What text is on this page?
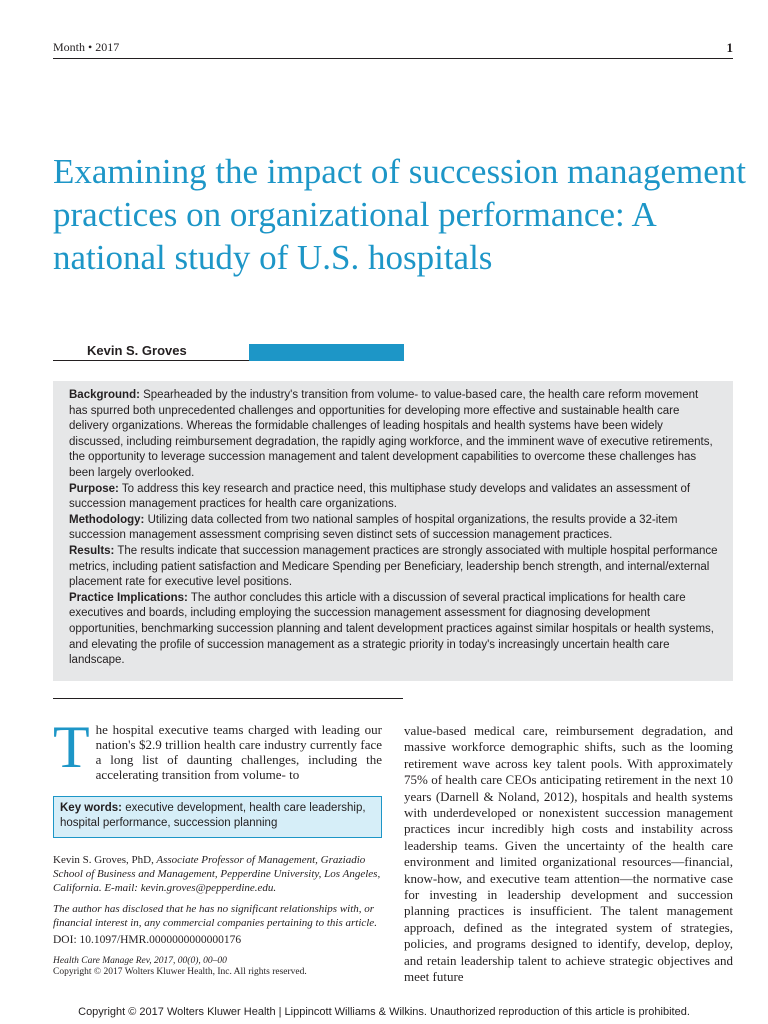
Month • 2017	1
Examining the impact of succession management practices on organizational performance: A national study of U.S. hospitals
Kevin S. Groves

Background: Spearheaded by the industry's transition from volume- to value-based care, the health care reform movement has spurred both unprecedented challenges and opportunities for developing more effective and sustainable health care delivery organizations. Whereas the formidable challenges of leading hospitals and health systems have been widely discussed, including reimbursement degradation, the rapidly aging workforce, and the imminent wave of executive retirements, the opportunity to leverage succession management and talent development capabilities to overcome these challenges has been largely overlooked.

Purpose: To address this key research and practice need, this multiphase study develops and validates an assessment of succession management practices for health care organizations.

Methodology: Utilizing data collected from two national samples of hospital organizations, the results provide a 32-item succession management assessment comprising seven distinct sets of succession management practices.

Results: The results indicate that succession management practices are strongly associated with multiple hospital performance metrics, including patient satisfaction and Medicare Spending per Beneficiary, leadership bench strength, and internal/external placement rate for executive level positions.

Practice Implications: The author concludes this article with a discussion of several practical implications for health care executives and boards, including employing the succession management assessment for diagnosing development opportunities, benchmarking succession planning and talent development practices against similar hospitals or health systems, and elevating the profile of succession management as a strategic priority in today's increasingly uncertain health care landscape.

The hospital executive teams charged with leading our nation's $2.9 trillion health care industry currently face a long list of daunting challenges, including the accelerating transition from volume- to

Key words: executive development, health care leadership, hospital performance, succession planning

Kevin S. Groves, PhD, Associate Professor of Management, Graziadio School of Business and Management, Pepperdine University, Los Angeles, California. E-mail: kevin.groves@pepperdine.edu.

The author has disclosed that he has no significant relationships with, or financial interest in, any commercial companies pertaining to this article.

DOI: 10.1097/HMR.0000000000000176
Health Care Manage Rev, 2017, 00(0), 00–00
Copyright © 2017 Wolters Kluwer Health, Inc. All rights reserved.

value-based medical care, reimbursement degradation, and massive workforce demographic shifts, such as the looming retirement wave across key talent pools. With approximately 75% of health care CEOs anticipating retirement in the next 10 years (Darnell & Noland, 2012), hospitals and health systems with underdeveloped or nonexistent succession management practices incur incredibly high costs and instability across leadership teams. Given the uncertainty of the health care environment and limited organizational resources—financial, know-how, and executive team attention—the normative case for investing in leadership development and succession planning practices is insufficient. The talent management approach, defined as the integrated system of strategies, policies, and programs designed to identify, develop, deploy, and retain leadership talent to achieve strategic objectives and meet future

Copyright © 2017 Wolters Kluwer Health | Lippincott Williams & Wilkins. Unauthorized reproduction of this article is prohibited.
